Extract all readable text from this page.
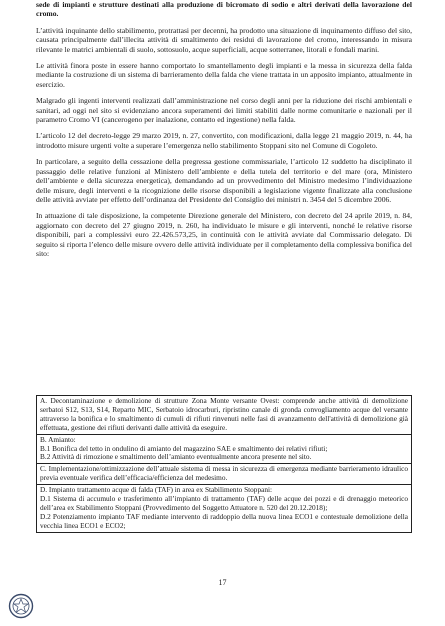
sede di impianti e strutture destinati alla produzione di bicromato di sodio e altri derivati della lavorazione del cromo.

L’attività inquinante dello stabilimento, protrattasi per decenni, ha prodotto una situazione di inquinamento diffuso del sito, causata principalmente dall’illecita attività di smaltimento dei residui di lavorazione del cromo, interessando in misura rilevante le matrici ambientali di suolo, sottosuolo, acque superficiali, acque sotterranee, litorali e fondali marini.

Le attività finora poste in essere hanno comportato lo smantellamento degli impianti e la messa in sicurezza della falda mediante la costruzione di un sistema di barrieramento della falda che viene trattata in un apposito impianto, attualmente in esercizio.

Malgrado gli ingenti interventi realizzati dall’amministrazione nel corso degli anni per la riduzione dei rischi ambientali e sanitari, ad oggi nel sito si evidenziano ancora superamenti dei limiti stabiliti dalle norme comunitarie e nazionali per il parametro Cromo VI (cancerogeno per inalazione, contatto ed ingestione) nella falda.

L’articolo 12 del decreto-legge 29 marzo 2019, n. 27, convertito, con modificazioni, dalla legge 21 maggio 2019, n. 44, ha introdotto misure urgenti volte a superare l’emergenza nello stabilimento Stoppani sito nel Comune di Cogoleto.

In particolare, a seguito della cessazione della pregressa gestione commissariale, l’articolo 12 suddetto ha disciplinato il passaggio delle relative funzioni al Ministero dell’ambiente e della tutela del territorio e del mare (ora, Ministero dell’ambiente e della sicurezza energetica), demandando ad un provvedimento del Ministro medesimo l’individuazione delle misure, degli interventi e la ricognizione delle risorse disponibili a legislazione vigente finalizzate alla conclusione delle attività avviate per effetto dell’ordinanza del Presidente del Consiglio dei ministri n. 3454 del 5 dicembre 2006.

In attuazione di tale disposizione, la competente Direzione generale del Ministero, con decreto del 24 aprile 2019, n. 84, aggiornato con decreto del 27 giugno 2019, n. 260, ha individuato le misure e gli interventi, nonché le relative risorse disponibili, pari a complessivi euro 22.426.573,25, in continuità con le attività avviate dal Commissario delegato. Di seguito si riporta l’elenco delle misure ovvero delle attività individuate per il completamento della complessiva bonifica del sito:

A. Decontaminazione e demolizione di strutture Zona Monte versante Ovest: comprende anche attività di demolizione serbatoi S12, S13, S14, Reparto MIC, Serbatoio idrocarburi, ripristino canale di gronda convogliamento acque del versante attraverso la bonifica e lo smaltimento di cumuli di rifiuti rinvenuti nelle fasi di avanzamento dell'attività di demolizione già effettuata, gestione dei rifiuti derivanti dalle attività da eseguire.

B. Amianto:
B.1 Bonifica del tetto in ondulino di amianto del magazzino SAE e smaltimento dei relativi rifiuti;
B.2 Attività di rimozione e smaltimento dell’amianto eventualmente ancora presente nel sito.

C. Implementazione/ottimizzazione dell’attuale sistema di messa in sicurezza di emergenza mediante barrieramento idraulico previa eventuale verifica dell’efficacia/efficienza del medesimo.

D. Impianto trattamento acque di falda (TAF) in area ex Stabilimento Stoppani:
D.1 Sistema di accumulo e trasferimento all’impianto di trattamento (TAF) delle acque dei pozzi e di drenaggio meteorico dell’area ex Stabilimento Stoppani (Provvedimento del Soggetto Attuatore n. 520 del 20.12.2018);
D.2 Potenziamento impianto TAF mediante intervento di raddoppio della nuova linea ECO1 e contestuale demolizione della vecchia linea ECO1 e ECO2;
17
